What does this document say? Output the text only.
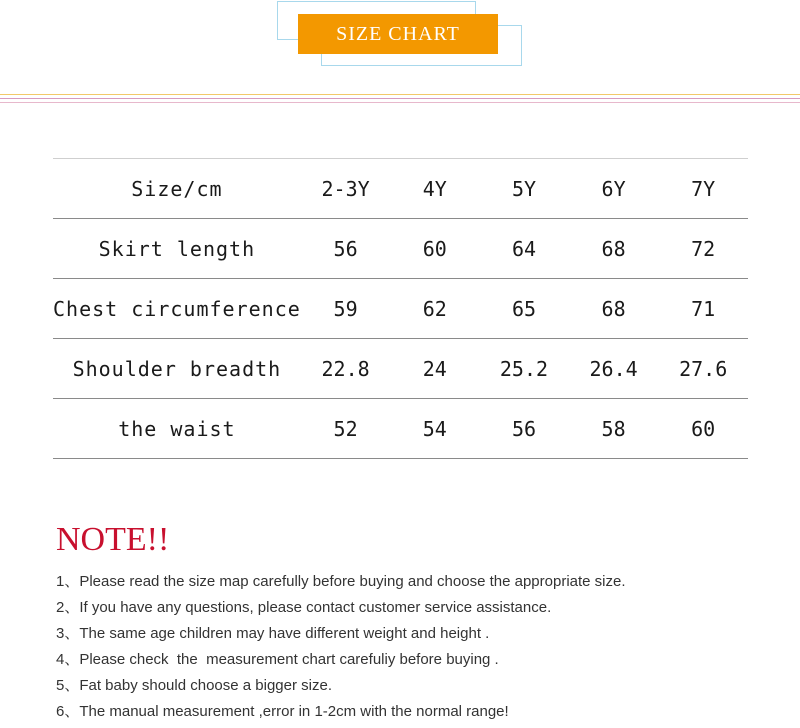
SIZE CHART
Size/cm	2-3Y	4Y	5Y	6Y	7Y
Skirt length	56	60	64	68	72
Chest circumference	59	62	65	68	71
Shoulder breadth	22.8	24	25.2	26.4	27.6
the waist	52	54	56	58	60
NOTE!!
1、Please read the size map carefully before buying and choose the appropriate size.
2、If you have any questions, please contact customer service assistance.
3、The same age children may have different weight and height .
4、Please check  the  measurement chart carefuliy before buying .
5、Fat baby should choose a bigger size.
6、The manual measurement ,error in 1-2cm with the normal range!
